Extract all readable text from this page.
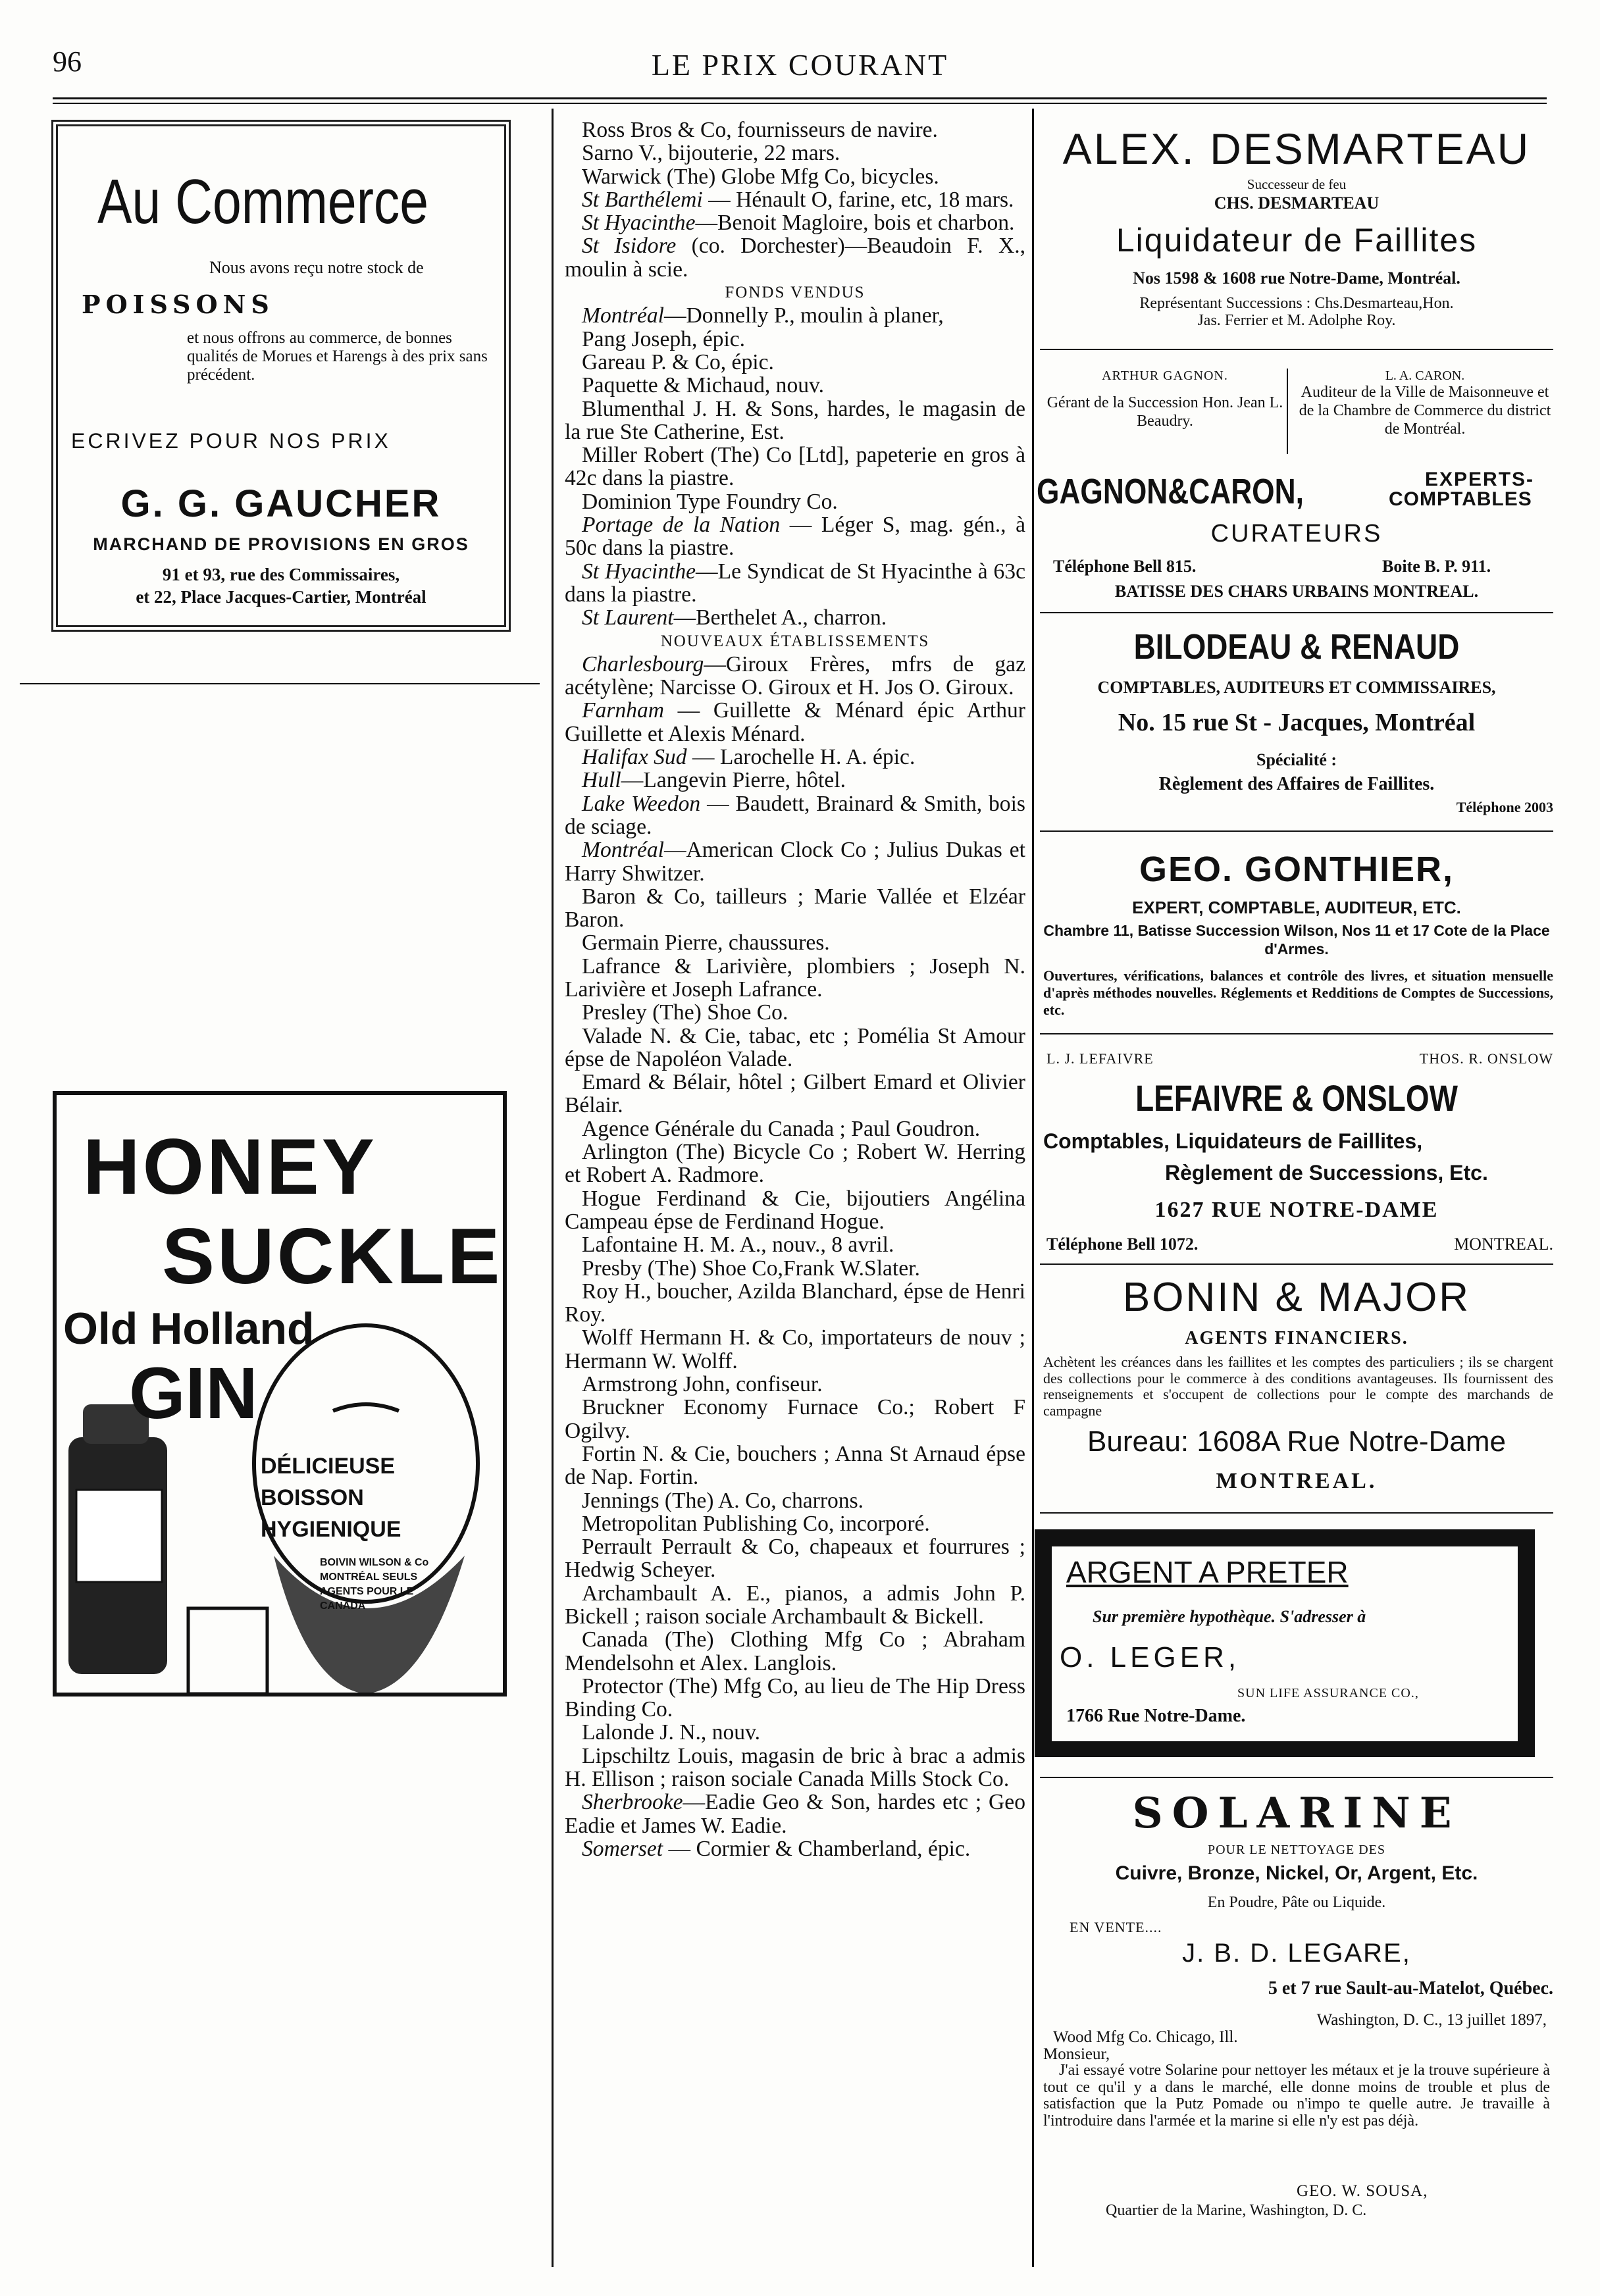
96	LE PRIX COURANT
Au Commerce
Nous avons reçu notre stock de
POISSONS
et nous offrons au commerce, de bonnes qualités de Morues et Harengs à des prix sans précédent.
ECRIVEZ POUR NOS PRIX
G. G. GAUCHER
MARCHAND DE PROVISIONS EN GROS
91 et 93, rue des Commissaires,
et 22, Place Jacques-Cartier, Montréal
HONEY
SUCKLE
Old Holland
GIN
DÉLICIEUSE
BOISSON
HYGIENIQUE
BOIVIN WILSON & Co MONTRÉAL SEULS AGENTS POUR LE CANADA

Ross Bros & Co, fournisseurs de navire.

Sarno V., bijouterie, 22 mars.

Warwick (The) Globe Mfg Co, bicycles.

St Barthélemi — Hénault O, farine, etc, 18 mars.

St Hyacinthe—Benoit Magloire, bois et charbon.

St Isidore (co. Dorchester)—Beaudoin F. X., moulin à scie.

FONDS VENDUS

Montréal—Donnelly P., moulin à planer,

Pang Joseph, épic.

Gareau P. & Co, épic.

Paquette & Michaud, nouv.

Blumenthal J. H. & Sons, hardes, le magasin de la rue Ste Catherine, Est.

Miller Robert (The) Co [Ltd], papeterie en gros à 42c dans la piastre.

Dominion Type Foundry Co.

Portage de la Nation — Léger S, mag. gén., à 50c dans la piastre.

St Hyacinthe—Le Syndicat de St Hyacinthe à 63c dans la piastre.

St Laurent—Berthelet A., charron.

NOUVEAUX ÉTABLISSEMENTS

Charlesbourg—Giroux Frères, mfrs de gaz acétylène; Narcisse O. Giroux et H. Jos O. Giroux.

Farnham — Guillette & Ménard épic Arthur Guillette et Alexis Ménard.

Halifax Sud — Larochelle H. A. épic.

Hull—Langevin Pierre, hôtel.

Lake Weedon — Baudett, Brainard & Smith, bois de sciage.

Montréal—American Clock Co ; Julius Dukas et Harry Shwitzer.

Baron & Co, tailleurs ; Marie Vallée et Elzéar Baron.

Germain Pierre, chaussures.

Lafrance & Larivière, plombiers ; Joseph N. Larivière et Joseph Lafrance.

Presley (The) Shoe Co.

Valade N. & Cie, tabac, etc ; Pomélia St Amour épse de Napoléon Valade.

Emard & Bélair, hôtel ; Gilbert Emard et Olivier Bélair.

Agence Générale du Canada ; Paul Goudron.

Arlington (The) Bicycle Co ; Robert W. Herring et Robert A. Radmore.

Hogue Ferdinand & Cie, bijoutiers Angélina Campeau épse de Ferdinand Hogue.

Lafontaine H. M. A., nouv., 8 avril.

Presby (The) Shoe Co,Frank W.Slater.

Roy H., boucher, Azilda Blanchard, épse de Henri Roy.

Wolff Hermann H. & Co, importateurs de nouv ; Hermann W. Wolff.

Armstrong John, confiseur.

Bruckner Economy Furnace Co.; Robert F Ogilvy.

Fortin N. & Cie, bouchers ; Anna St Arnaud épse de Nap. Fortin.

Jennings (The) A. Co, charrons.

Metropolitan Publishing Co, incorporé.

Perrault Perrault & Co, chapeaux et fourrures ; Hedwig Scheyer.

Archambault A. E., pianos, a admis John P. Bickell ; raison sociale Archambault & Bickell.

Canada (The) Clothing Mfg Co ; Abraham Mendelsohn et Alex. Langlois.

Protector (The) Mfg Co, au lieu de The Hip Dress Binding Co.

Lalonde J. N., nouv.

Lipschiltz Louis, magasin de bric à brac a admis H. Ellison ; raison sociale Canada Mills Stock Co.

Sherbrooke—Eadie Geo & Son, hardes etc ; Geo Eadie et James W. Eadie.

Somerset — Cormier & Chamberland, épic.

ALEX. DESMARTEAU
Successeur de feu
CHS. DESMARTEAU
Liquidateur de Faillites
Nos 1598 & 1608 rue Notre-Dame, Montréal.
Représentant Successions : Chs.Desmarteau,Hon.
Jas. Ferrier et M. Adolphe Roy.
ARTHUR GAGNON.
Gérant de la Succession Hon. Jean L. Beaudry.
L. A. CARON.
Auditeur de la Ville de Maisonneuve et de la Chambre de Commerce du district de Montréal.
GAGNON&CARON,	EXPERTS-
COMPTABLES
CURATEURS
Téléphone Bell 815.	Boite B. P. 911.
BATISSE DES CHARS URBAINS MONTREAL.
BILODEAU & RENAUD
COMPTABLES, AUDITEURS ET COMMISSAIRES,
No. 15 rue St - Jacques, Montréal
Spécialité :
Règlement des Affaires de Faillites.
Téléphone 2003
GEO. GONTHIER,
EXPERT, COMPTABLE, AUDITEUR, ETC.
Chambre 11, Batisse Succession Wilson, Nos 11 et 17 Cote de la Place d'Armes.
Ouvertures, vérifications, balances et contrôle des livres, et situation mensuelle d'après méthodes nouvelles. Réglements et Redditions de Comptes de Successions, etc.
L. J. LEFAIVRE	THOS. R. ONSLOW
LEFAIVRE & ONSLOW
Comptables, Liquidateurs de Faillites,
Règlement de Successions, Etc.
1627 RUE NOTRE-DAME
Téléphone Bell 1072.	MONTREAL.
BONIN & MAJOR
AGENTS FINANCIERS.
Achètent les créances dans les faillites et les comptes des particuliers ; ils se chargent des collections pour le commerce à des conditions avantageuses. Ils fournissent des renseignements et s'occupent de collections pour le compte des marchands de campagne
Bureau: 1608A Rue Notre-Dame
MONTREAL.
ARGENT A PRETER
Sur première hypothèque. S'adresser à
O. LEGER,
SUN LIFE ASSURANCE CO.,
1766 Rue Notre-Dame.
SOLARINE
POUR LE NETTOYAGE DES
Cuivre, Bronze, Nickel, Or, Argent, Etc.
En Poudre, Pâte ou Liquide.
EN VENTE....
J. B. D. LEGARE,
5 et 7 rue Sault-au-Matelot, Québec.
Washington, D. C., 13 juillet 1897,
Wood Mfg Co. Chicago, Ill.
Monsieur,
J'ai essayé votre Solarine pour nettoyer les métaux et je la trouve supérieure à tout ce qu'il y a dans le marché, elle donne moins de trouble et plus de satisfaction que la Putz Pomade ou n'impo te quelle autre. Je travaille à l'introduire dans l'armée et la marine si elle n'y est pas déjà.
GEO. W. SOUSA,
Quartier de la Marine, Washington, D. C.
